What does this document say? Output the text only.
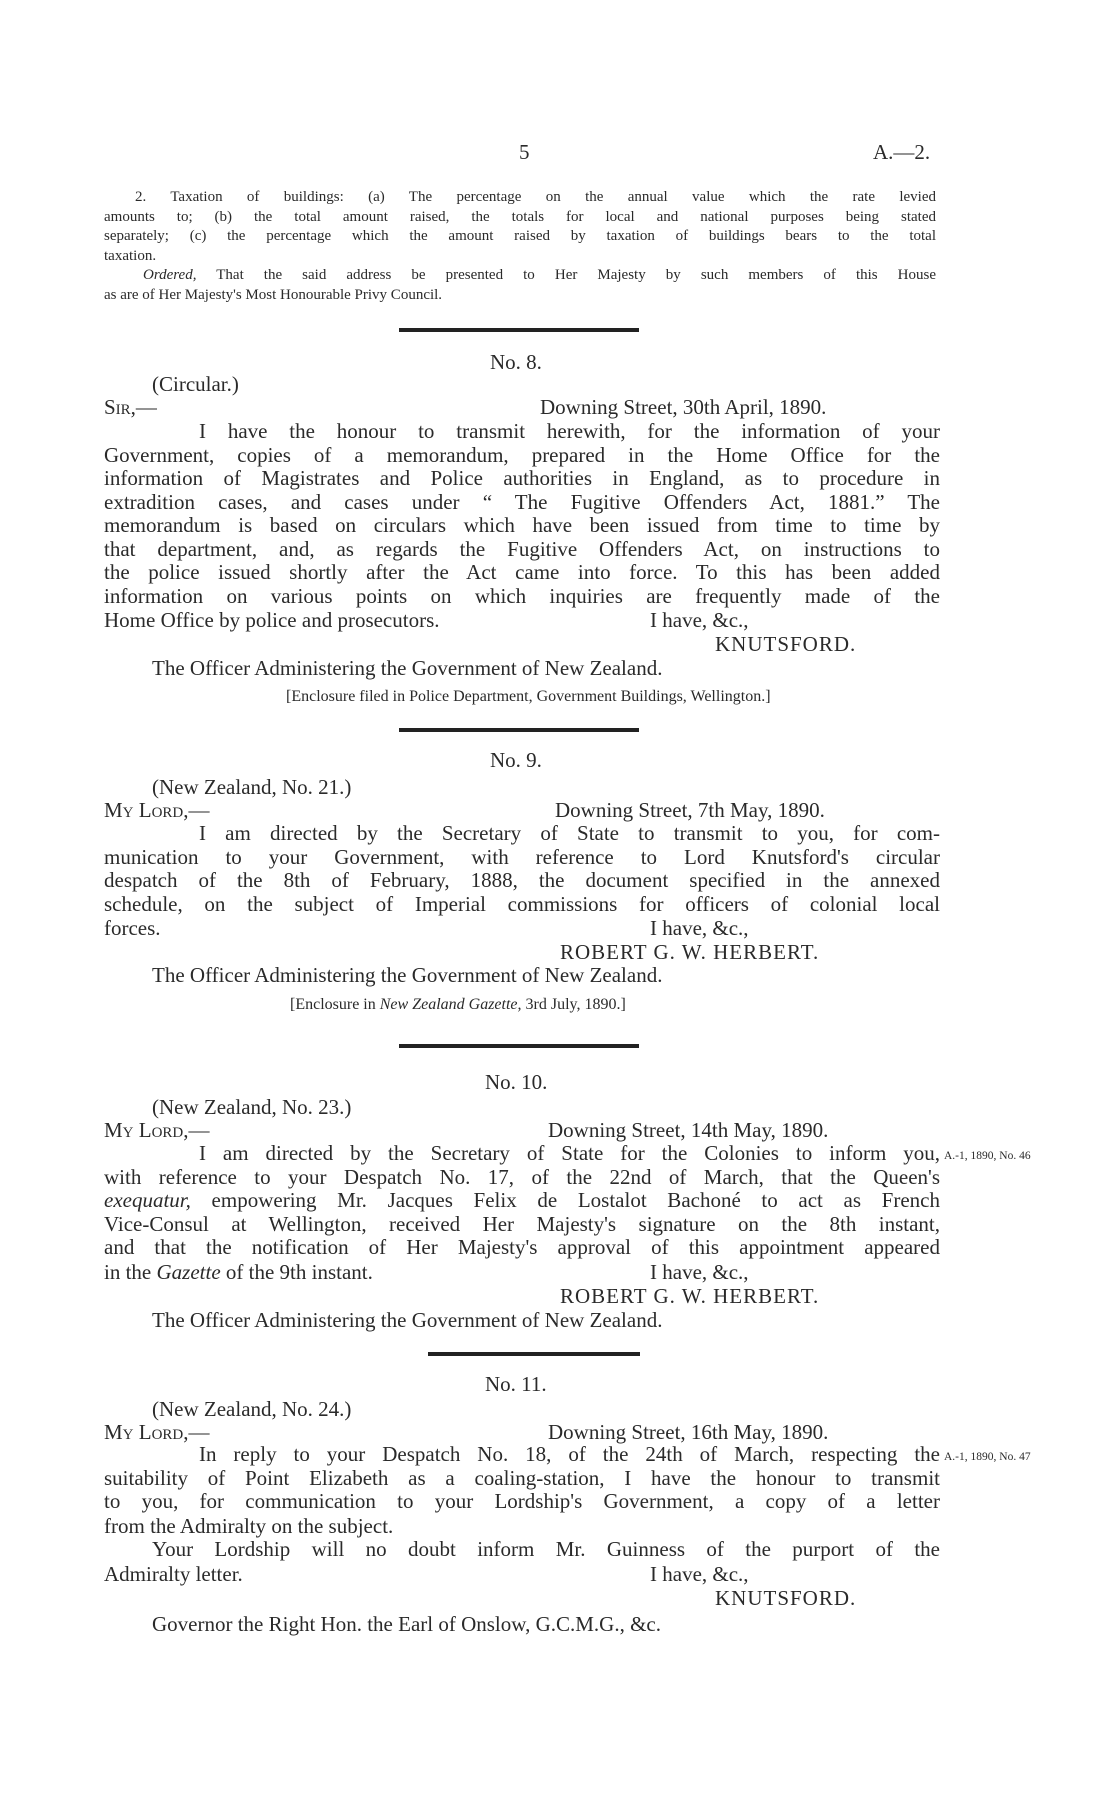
5	A.—2.
2. Taxation of buildings: (a) The percentage on the annual value which the rate levied
amounts to; (b) the total amount raised, the totals for local and national purposes being stated
separately; (c) the percentage which the amount raised by taxation of buildings bears to the total
taxation.
Ordered, That the said address be presented to Her Majesty by such members of this House
as are of Her Majesty's Most Honourable Privy Council.
No. 8.
(Circular.)
Sir,—	Downing Street, 30th April, 1890.
I have the honour to transmit herewith, for the information of your
Government, copies of a memorandum, prepared in the Home Office for the
information of Magistrates and Police authorities in England, as to procedure in
extradition cases, and cases under “ The Fugitive Offenders Act, 1881.” The
memorandum is based on circulars which have been issued from time to time by
that department, and, as regards the Fugitive Offenders Act, on instructions to
the police issued shortly after the Act came into force. To this has been added
information on various points on which inquiries are frequently made of the
Home Office by police and prosecutors.	I have, &c.,
KNUTSFORD.
The Officer Administering the Government of New Zealand.
[Enclosure filed in Police Department, Government Buildings, Wellington.]
No. 9.
(New Zealand, No. 21.)
My Lord,—	Downing Street, 7th May, 1890.
I am directed by the Secretary of State to transmit to you, for com-
munication to your Government, with reference to Lord Knutsford's circular
despatch of the 8th of February, 1888, the document specified in the annexed
schedule, on the subject of Imperial commissions for officers of colonial local
forces.	I have, &c.,
ROBERT G. W. HERBERT.
The Officer Administering the Government of New Zealand.
[Enclosure in New Zealand Gazette, 3rd July, 1890.]
No. 10.
(New Zealand, No. 23.)
My Lord,—	Downing Street, 14th May, 1890.
I am directed by the Secretary of State for the Colonies to inform you,
with reference to your Despatch No. 17, of the 22nd of March, that the Queen's
exequatur, empowering Mr. Jacques Felix de Lostalot Bachoné to act as French
Vice-Consul at Wellington, received Her Majesty's signature on the 8th instant,
and that the notification of Her Majesty's approval of this appointment appeared
A.-1, 1890, No. 46
in the Gazette of the 9th instant.	I have, &c.,
ROBERT G. W. HERBERT.
The Officer Administering the Government of New Zealand.
No. 11.
(New Zealand, No. 24.)
My Lord,—	Downing Street, 16th May, 1890.
In reply to your Despatch No. 18, of the 24th of March, respecting the
suitability of Point Elizabeth as a coaling-station, I have the honour to transmit
to you, for communication to your Lordship's Government, a copy of a letter
A.-1, 1890, No. 47
from the Admiralty on the subject.
Your Lordship will no doubt inform Mr. Guinness of the purport of the
Admiralty letter.	I have, &c.,
KNUTSFORD.
Governor the Right Hon. the Earl of Onslow, G.C.M.G., &c.
